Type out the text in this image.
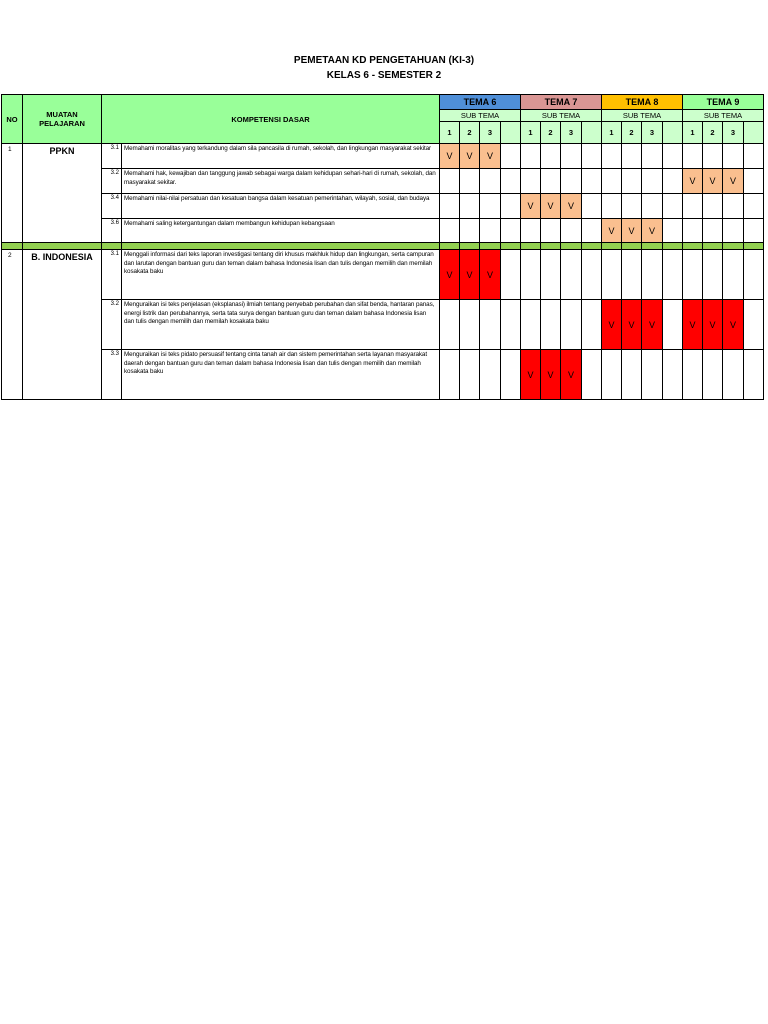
PEMETAAN KD PENGETAHUAN (KI-3)
KELAS 6 - SEMESTER 2
NO	MUATAN PELAJARAN	KOMPETENSI DASAR		TEMA 6				TEMA 7				TEMA 8				TEMA 9			
				SUB TEMA				SUB TEMA				SUB TEMA				SUB TEMA			
				1	2	3		1	2	3		1	2	3		1	2	3	
1	PPKN	3.1	Memahami moralitas yang terkandung dalam sila pancasila di rumah, sekolah, dan lingkungan masyarakat sekitar	V	V	V													
		3.2	Memahami hak, kewajiban dan tanggung jawab sebagai warga dalam kehidupan sehari-hari di rumah, sekolah, dan masyarakat sekitar.													V	V	V	
		3.4	Memahami nilai-nilai persatuan dan kesatuan bangsa dalam kesatuan pemerintahan, wilayah, sosial, dan budaya					V	V	V									
		3.6	Memahami saling ketergantungan dalam membangun kehidupan kebangsaan									V	V	V					

2	B. INDONESIA	3.1	Menggali informasi dari teks laporan investigasi tentang diri khusus makhluk hidup dan lingkungan, serta campuran dan larutan dengan bantuan guru dan teman dalam bahasa Indonesia lisan dan tulis dengan memilih dan memilah kosakata baku	V	V	V													
		3.2	Menguraikan isi teks penjelasan (eksplanasi) ilmiah tentang penyebab perubahan dan sifat benda, hantaran panas, energi listrik dan perubahannya, serta tata surya dengan bantuan guru dan teman dalam bahasa Indonesia lisan dan tulis dengan memilih dan memilah kosakata baku									V	V	V		V	V	V	
		3.3	Menguraikan isi teks pidato persuasif tentang cinta tanah air dan sistem pemerintahan serta layanan masyarakat daerah dengan bantuan guru dan teman dalam bahasa Indonesia lisan dan tulis dengan memilih dan memilah kosakata baku					V	V	V									
